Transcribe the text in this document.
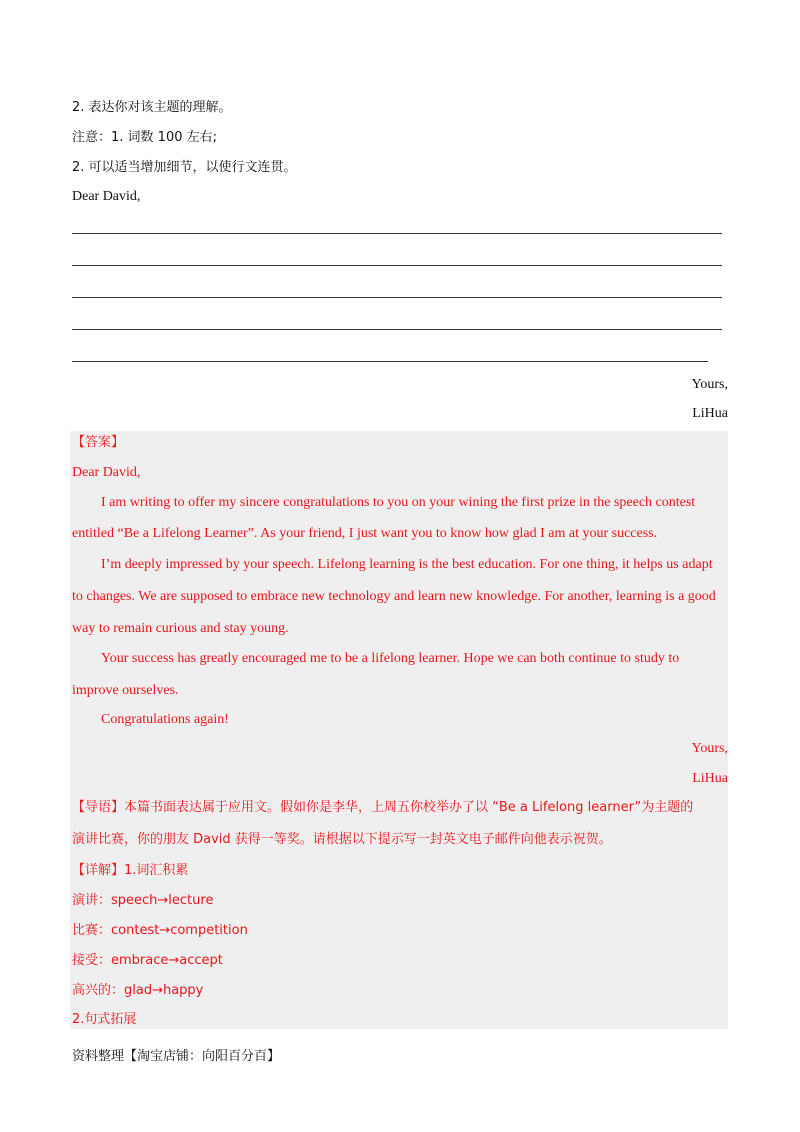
2. 表达你对该主题的理解。
注意：1. 词数 100 左右;
2. 可以适当增加细节，以使行文连贯。
Dear David,
Yours,
LiHua
【答案】
Dear David,
I am writing to offer my sincere congratulations to you on your wining the first prize in the speech contest
entitled “Be a Lifelong Learner”. As your friend, I just want you to know how glad I am at your success.
I’m deeply impressed by your speech. Lifelong learning is the best education. For one thing, it helps us adapt
to changes. We are supposed to embrace new technology and learn new knowledge. For another, learning is a good
way to remain curious and stay young.
Your success has greatly encouraged me to be a lifelong learner. Hope we can both continue to study to
improve ourselves.
Congratulations again!
Yours,
LiHua
【导语】本篇书面表达属于应用文。假如你是李华，上周五你校举办了以 “Be a Lifelong learner”为主题的
演讲比赛，你的朋友 David 获得一等奖。请根据以下提示写一封英文电子邮件向他表示祝贺。
【详解】1.词汇积累
演讲：speech→lecture
比赛：contest→competition
接受：embrace→accept
高兴的：glad→happy
2.句式拓展
资料整理【淘宝店铺：向阳百分百】
